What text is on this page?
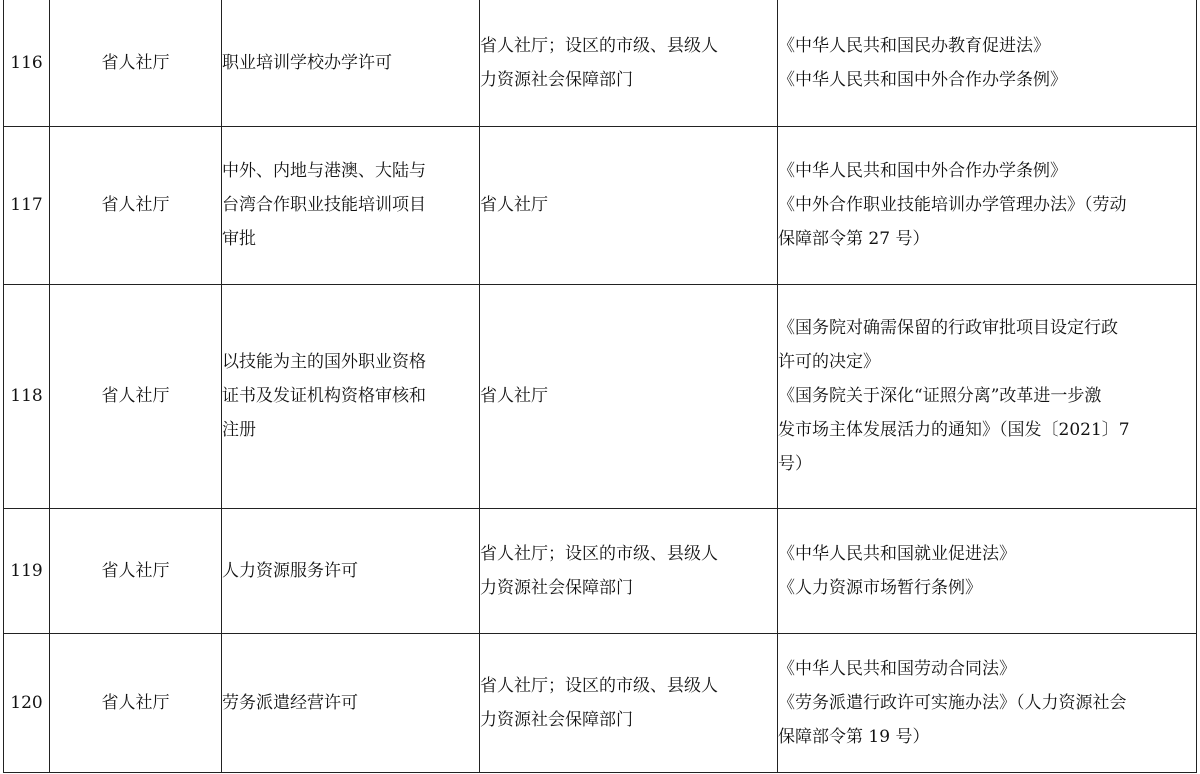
116	省人社厅	职业培训学校办学许可	省人社厅；设区的市级、县级人
力资源社会保障部门	《中华人民共和国民办教育促进法》
《中华人民共和国中外合作办学条例》

117	省人社厅	中外、内地与港澳、大陆与
台湾合作职业技能培训项目
审批	省人社厅	《中华人民共和国中外合作办学条例》
《中外合作职业技能培训办学管理办法》（劳动
保障部令第 27 号）

118	省人社厅	以技能为主的国外职业资格
证书及发证机构资格审核和
注册	省人社厅	《国务院对确需保留的行政审批项目设定行政
许可的决定》
《国务院关于深化“证照分离”改革进一步激
发市场主体发展活力的通知》（国发〔2021〕7
号）

119	省人社厅	人力资源服务许可	省人社厅；设区的市级、县级人
力资源社会保障部门	《中华人民共和国就业促进法》
《人力资源市场暂行条例》

120	省人社厅	劳务派遣经营许可	省人社厅；设区的市级、县级人
力资源社会保障部门	《中华人民共和国劳动合同法》
《劳务派遣行政许可实施办法》（人力资源社会
保障部令第 19 号）
